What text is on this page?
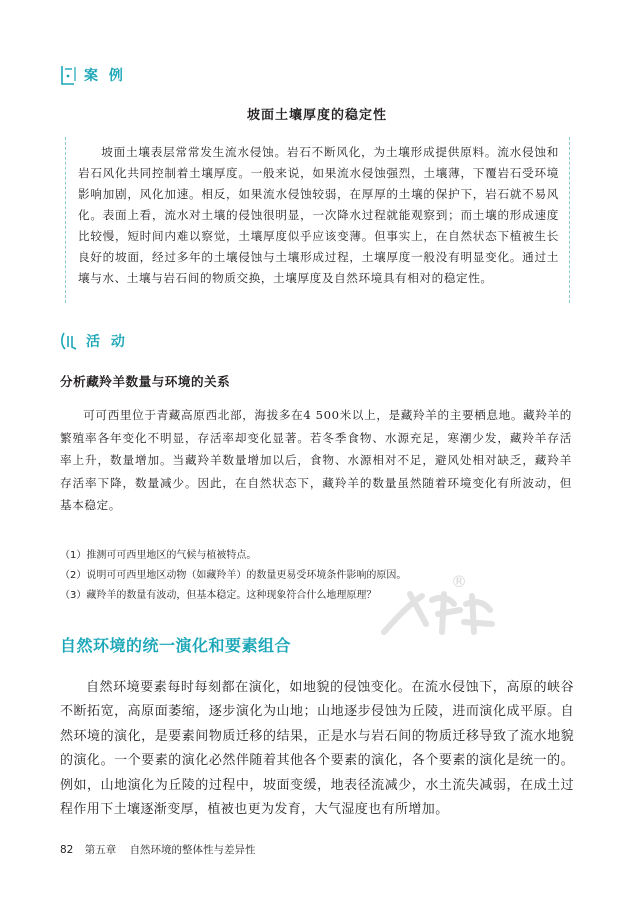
案 例
坡面土壤厚度的稳定性

坡面土壤表层常常发生流水侵蚀。岩石不断风化，为土壤形成提供原料。流水侵蚀和岩石风化共同控制着土壤厚度。一般来说，如果流水侵蚀强烈，土壤薄，下覆岩石受环境影响加剧，风化加速。相反，如果流水侵蚀较弱，在厚厚的土壤的保护下，岩石就不易风化。表面上看，流水对土壤的侵蚀很明显，一次降水过程就能观察到；而土壤的形成速度比较慢，短时间内难以察觉，土壤厚度似乎应该变薄。但事实上，在自然状态下植被生长良好的坡面，经过多年的土壤侵蚀与土壤形成过程，土壤厚度一般没有明显变化。通过土壤与水、土壤与岩石间的物质交换，土壤厚度及自然环境具有相对的稳定性。

活 动
分析藏羚羊数量与环境的关系

可可西里位于青藏高原西北部，海拔多在4 500米以上，是藏羚羊的主要栖息地。藏羚羊的繁殖率各年变化不明显，存活率却变化显著。若冬季食物、水源充足，寒潮少发，藏羚羊存活率上升，数量增加。当藏羚羊数量增加以后，食物、水源相对不足，避风处相对缺乏，藏羚羊存活率下降，数量减少。因此，在自然状态下，藏羚羊的数量虽然随着环境变化有所波动，但基本稳定。

（1）推测可可西里地区的气候与植被特点。
（2）说明可可西里地区动物（如藏羚羊）的数量更易受环境条件影响的原因。
（3）藏羚羊的数量有波动，但基本稳定。这种现象符合什么地理原理？
®
自然环境的统一演化和要素组合

自然环境要素每时每刻都在演化，如地貌的侵蚀变化。在流水侵蚀下，高原的峡谷不断拓宽，高原面萎缩，逐步演化为山地；山地逐步侵蚀为丘陵，进而演化成平原。自然环境的演化，是要素间物质迁移的结果，正是水与岩石间的物质迁移导致了流水地貌的演化。一个要素的演化必然伴随着其他各个要素的演化，各个要素的演化是统一的。例如，山地演化为丘陵的过程中，坡面变缓，地表径流减少，水土流失减弱，在成土过程作用下土壤逐渐变厚，植被也更为发育，大气湿度也有所增加。

82 第五章 自然环境的整体性与差异性
